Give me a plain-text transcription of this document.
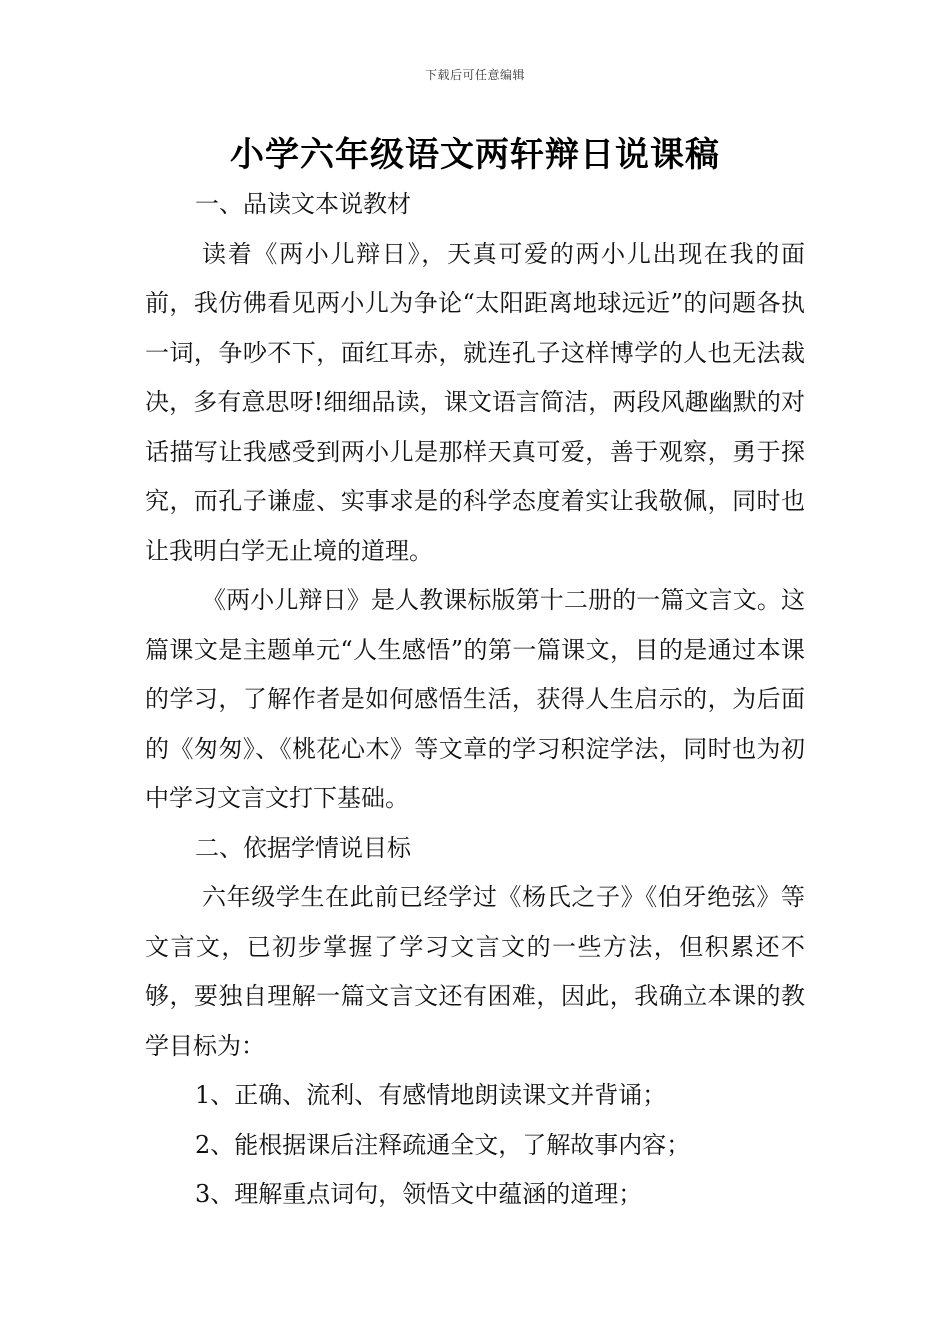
下载后可任意编辑
小学六年级语文两轩辩日说课稿

一、品读文本说教材

读着《两小儿辩日》，天真可爱的两小儿出现在我的面前，我仿佛看见两小儿为争论“太阳距离地球远近”的问题各执一词，争吵不下，面红耳赤，就连孔子这样博学的人也无法裁决，多有意思呀!细细品读，课文语言简洁，两段风趣幽默的对话描写让我感受到两小儿是那样天真可爱，善于观察，勇于探究，而孔子谦虚、实事求是的科学态度着实让我敬佩，同时也让我明白学无止境的道理。

《两小儿辩日》是人教课标版第十二册的一篇文言文。这篇课文是主题单元“人生感悟”的第一篇课文，目的是通过本课的学习，了解作者是如何感悟生活，获得人生启示的，为后面的《匆匆》、《桃花心木》等文章的学习积淀学法，同时也为初中学习文言文打下基础。

二、依据学情说目标

六年级学生在此前已经学过《杨氏之子》《伯牙绝弦》等文言文，已初步掌握了学习文言文的一些方法，但积累还不够，要独自理解一篇文言文还有困难，因此，我确立本课的教学目标为：

1、正确、流利、有感情地朗读课文并背诵；

2、能根据课后注释疏通全文，了解故事内容；

3、理解重点词句，领悟文中蕴涵的道理；
